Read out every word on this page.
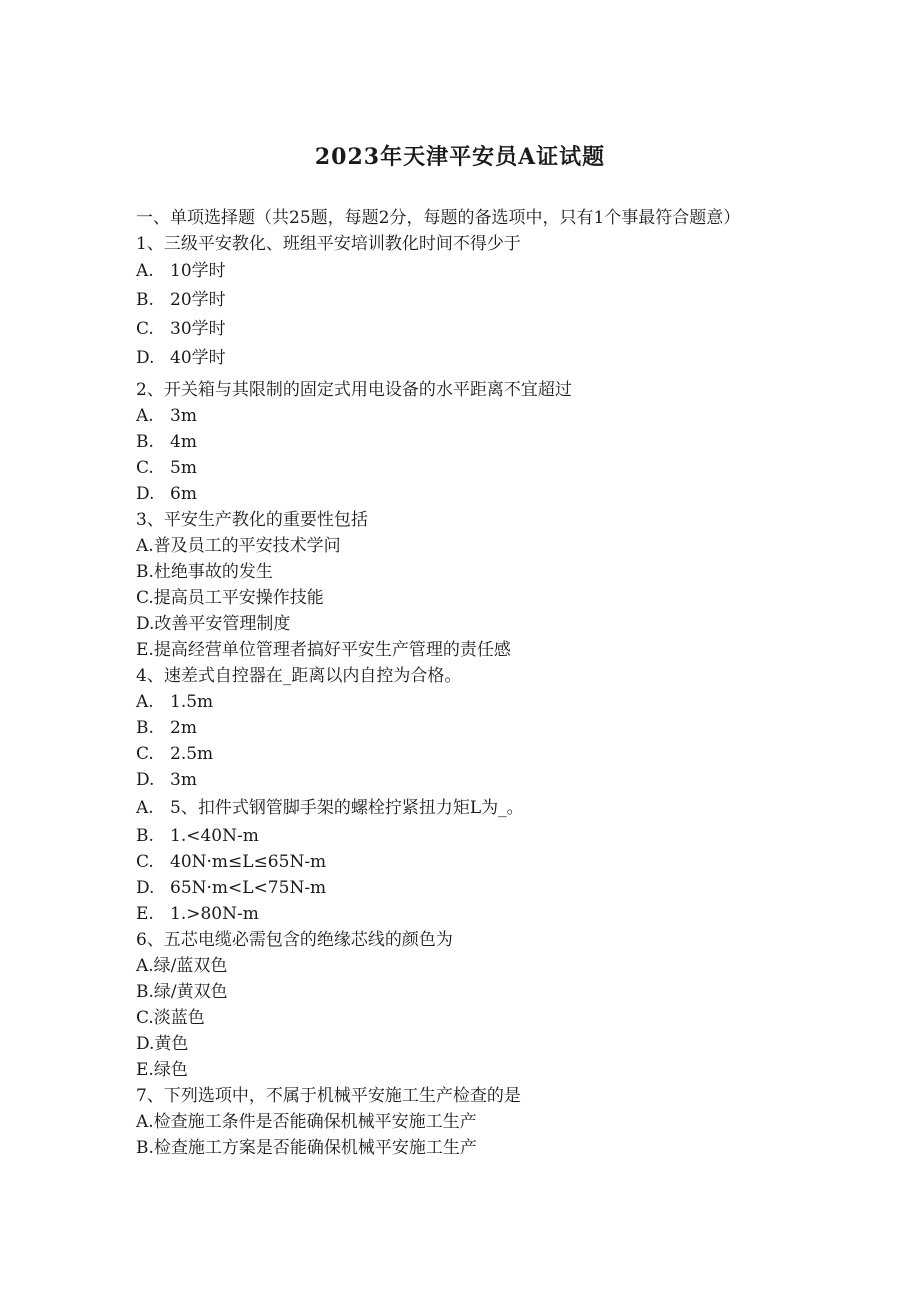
2023年天津平安员A证试题

一、单项选择题（共25题，每题2分，每题的备选项中，只有1个事最符合题意）

1、三级平安教化、班组平安培训教化时间不得少于

A. 10学时

B. 20学时

C. 30学时

D. 40学时

2、开关箱与其限制的固定式用电设备的水平距离不宜超过

A. 3m

B. 4m

C. 5m

D. 6m

3、平安生产教化的重要性包括

A.普及员工的平安技术学问

B.杜绝事故的发生

C.提高员工平安操作技能

D.改善平安管理制度

E.提高经营单位管理者搞好平安生产管理的责任感

4、速差式自控器在_距离以内自控为合格。

A. 1.5m

B. 2m

C. 2.5m

D. 3m

A. 5、扣件式钢管脚手架的螺栓拧紧扭力矩L为_。

B. 1.<40N-m

C. 40N·m≤L≤65N-m

D. 65N·m<L<75N-m

E. 1.>80N-m

6、五芯电缆必需包含的绝缘芯线的颜色为

A.绿/蓝双色

B.绿/黄双色

C.淡蓝色

D.黄色

E.绿色

7、下列选项中，不属于机械平安施工生产检查的是

A.检查施工条件是否能确保机械平安施工生产

B.检查施工方案是否能确保机械平安施工生产
